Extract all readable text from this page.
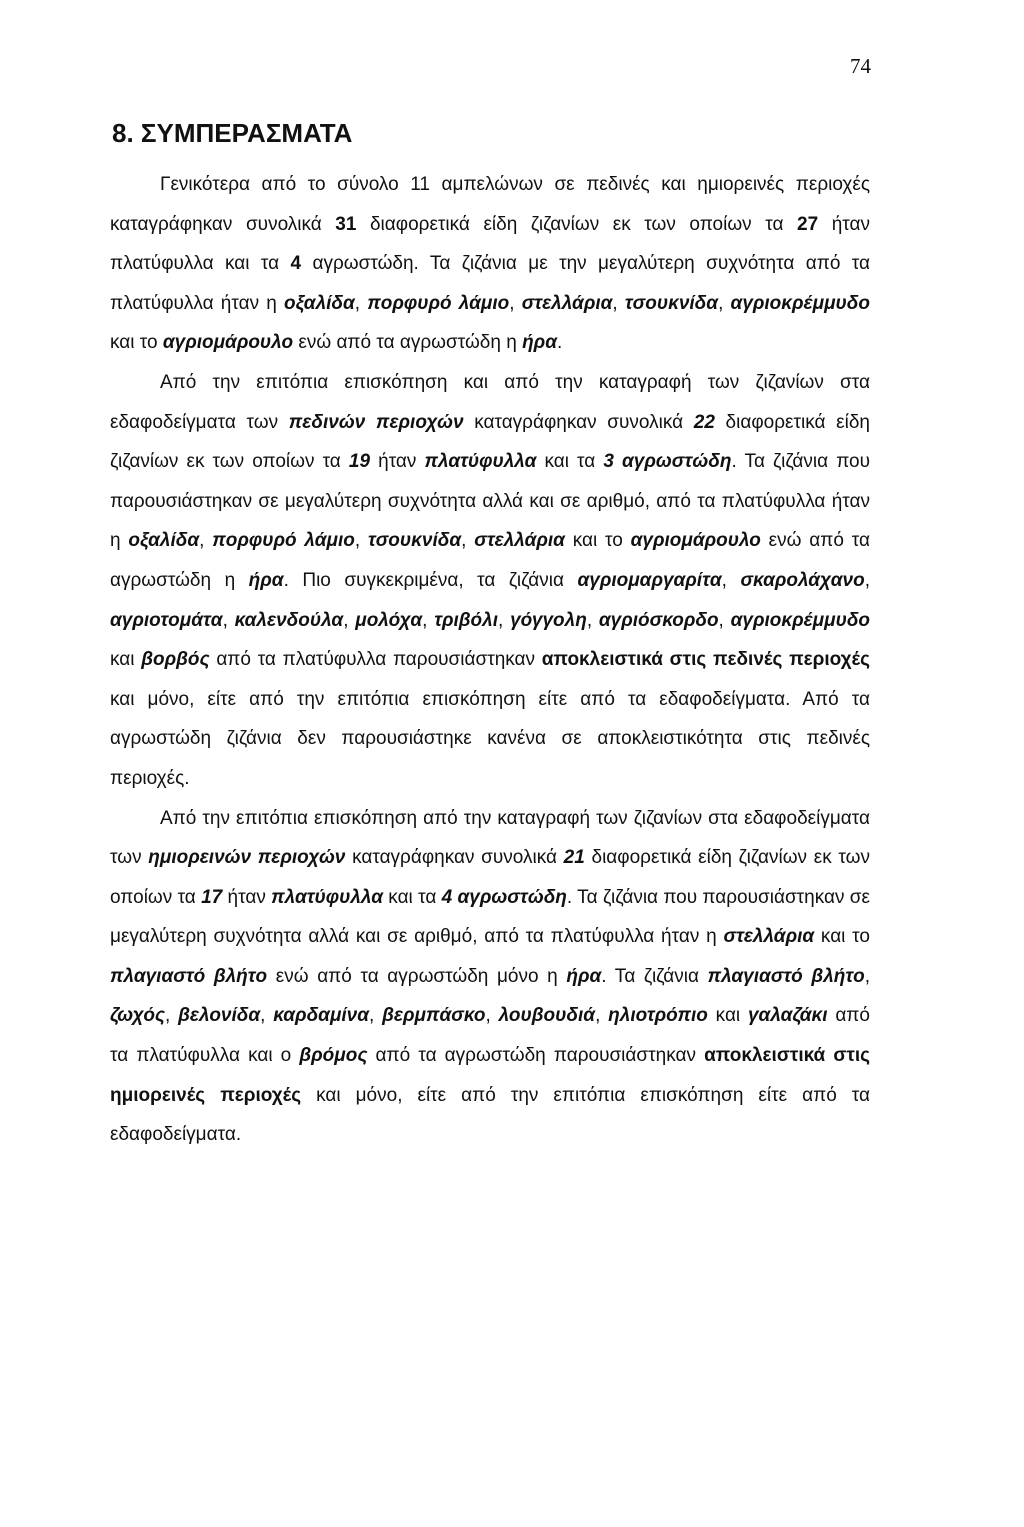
74
8. ΣΥΜΠΕΡΑΣΜΑΤΑ

Γενικότερα από το σύνολο 11 αμπελώνων σε πεδινές και ημιορεινές περιοχές καταγράφηκαν συνολικά 31 διαφορετικά είδη ζιζανίων εκ των οποίων τα 27 ήταν πλατύφυλλα και τα 4 αγρωστώδη. Τα ζιζάνια με την μεγαλύτερη συχνότητα από τα πλατύφυλλα ήταν η οξαλίδα, πορφυρό λάμιο, στελλάρια, τσουκνίδα, αγριοκρέμμυδο και το αγριομάρουλο ενώ από τα αγρωστώδη η ήρα.

Από την επιτόπια επισκόπηση και από την καταγραφή των ζιζανίων στα εδαφοδείγματα των πεδινών περιοχών καταγράφηκαν συνολικά 22 διαφορετικά είδη ζιζανίων εκ των οποίων τα 19 ήταν πλατύφυλλα και τα 3 αγρωστώδη. Τα ζιζάνια που παρουσιάστηκαν σε μεγαλύτερη συχνότητα αλλά και σε αριθμό, από τα πλατύφυλλα ήταν η οξαλίδα, πορφυρό λάμιο, τσουκνίδα, στελλάρια και το αγριομάρουλο ενώ από τα αγρωστώδη η ήρα. Πιο συγκεκριμένα, τα ζιζάνια αγριομαργαρίτα, σκαρολάχανο, αγριοτομάτα, καλενδούλα, μολόχα, τριβόλι, γόγγολη, αγριόσκορδο, αγριοκρέμμυδο και βορβός από τα πλατύφυλλα παρουσιάστηκαν αποκλειστικά στις πεδινές περιοχές και μόνο, είτε από την επιτόπια επισκόπηση είτε από τα εδαφοδείγματα. Από τα αγρωστώδη ζιζάνια δεν παρουσιάστηκε κανένα σε αποκλειστικότητα στις πεδινές περιοχές.

Από την επιτόπια επισκόπηση από την καταγραφή των ζιζανίων στα εδαφοδείγματα των ημιορεινών περιοχών καταγράφηκαν συνολικά 21 διαφορετικά είδη ζιζανίων εκ των οποίων τα 17 ήταν πλατύφυλλα και τα 4 αγρωστώδη. Τα ζιζάνια που παρουσιάστηκαν σε μεγαλύτερη συχνότητα αλλά και σε αριθμό, από τα πλατύφυλλα ήταν η στελλάρια και το πλαγιαστό βλήτο ενώ από τα αγρωστώδη μόνο η ήρα. Τα ζιζάνια πλαγιαστό βλήτο, ζωχός, βελονίδα, καρδαμίνα, βερμπάσκο, λουβουδιά, ηλιοτρόπιο και γαλαζάκι από τα πλατύφυλλα και ο βρόμος από τα αγρωστώδη παρουσιάστηκαν αποκλειστικά στις ημιορεινές περιοχές και μόνο, είτε από την επιτόπια επισκόπηση είτε από τα εδαφοδείγματα.
